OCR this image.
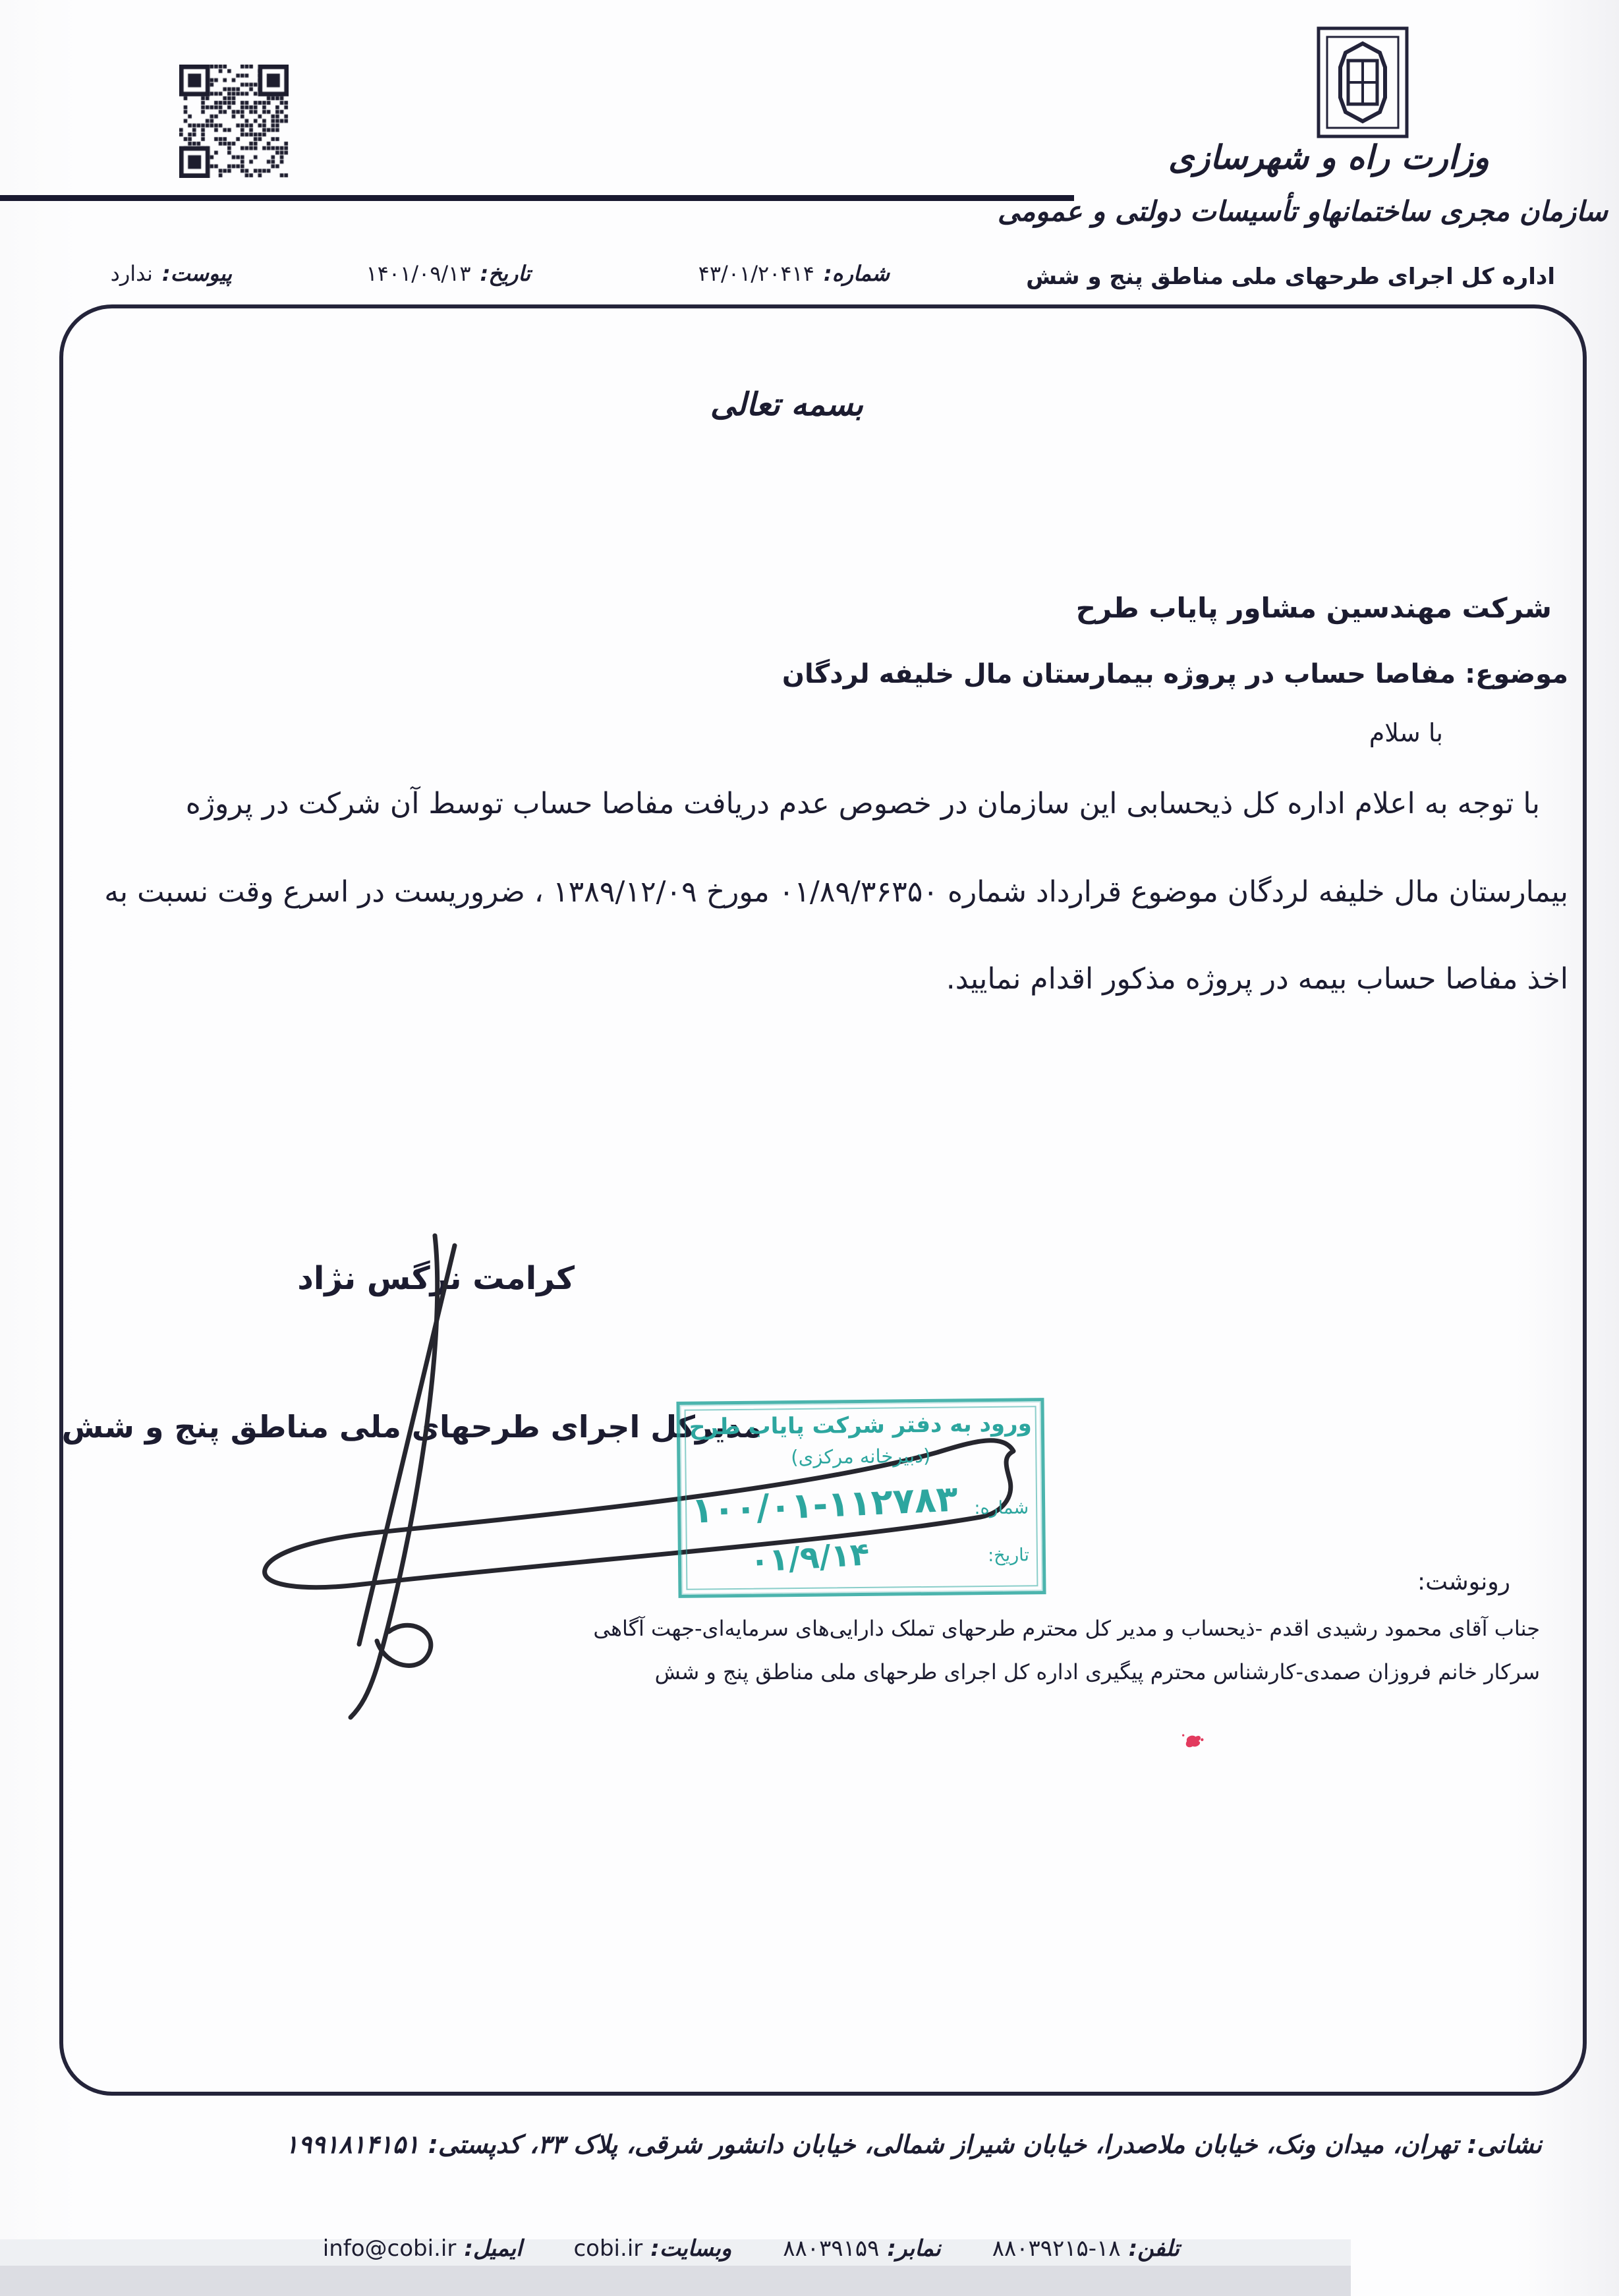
وزارت راه و شهرسازی
سازمان مجری ساختمانهاو تأسیسات دولتی و عمومی
اداره کل اجرای طرحهای ملی مناطق پنج و شش
شماره:۴۳/۰۱/۲۰۴۱۴
تاریخ:۱۴۰۱/۰۹/۱۳
پیوست:ندارد
بسمه تعالی
شرکت مهندسین مشاور پایاب طرح
موضوع: مفاصا حساب در پروژه بیمارستان مال خلیفه لردگان
با سلام
با توجه به اعلام اداره کل ذیحسابی این سازمان در خصوص عدم دریافت مفاصا حساب توسط آن شرکت در پروژه
بیمارستان مال خلیفه لردگان موضوع قرارداد شماره ۰۱/۸۹/۳۶۳۵۰ مورخ ۱۳۸۹/۱۲/۰۹ ، ضروریست در اسرع وقت نسبت به
اخذ مفاصا حساب بیمه در پروژه مذکور اقدام نمایید.
کرامت نرگس نژاد
مدیرکل اجرای طرحهای ملی مناطق پنج و شش
ورود به دفتر شرکت پایاب طرح
(دبیرخانه مرکزی)
شماره:
۱۰۰/۰۱-۱۱۲۷۸۳
تاریخ:
۰۱/۹/۱۴
رونوشت:
جناب آقای محمود رشیدی اقدم -ذیحساب و مدیر کل محترم طرحهای تملک دارایی‌های سرمایه‌ای-جهت آگاهی
سرکار خانم فروزان صمدی-کارشناس محترم پیگیری اداره کل اجرای طرحهای ملی مناطق پنج و شش
نشانی: تهران، میدان ونک، خیابان ملاصدرا، خیابان شیراز شمالی، خیابان دانشور شرقی، پلاک ۳۳، کدپستی: ۱۹۹۱۸۱۴۱۵۱
تلفن:۱۸-۸۸۰۳۹۲۱۵
نمابر:۸۸۰۳۹۱۵۹
وبسایت:cobi.ir
ایمیل:info@cobi.ir
